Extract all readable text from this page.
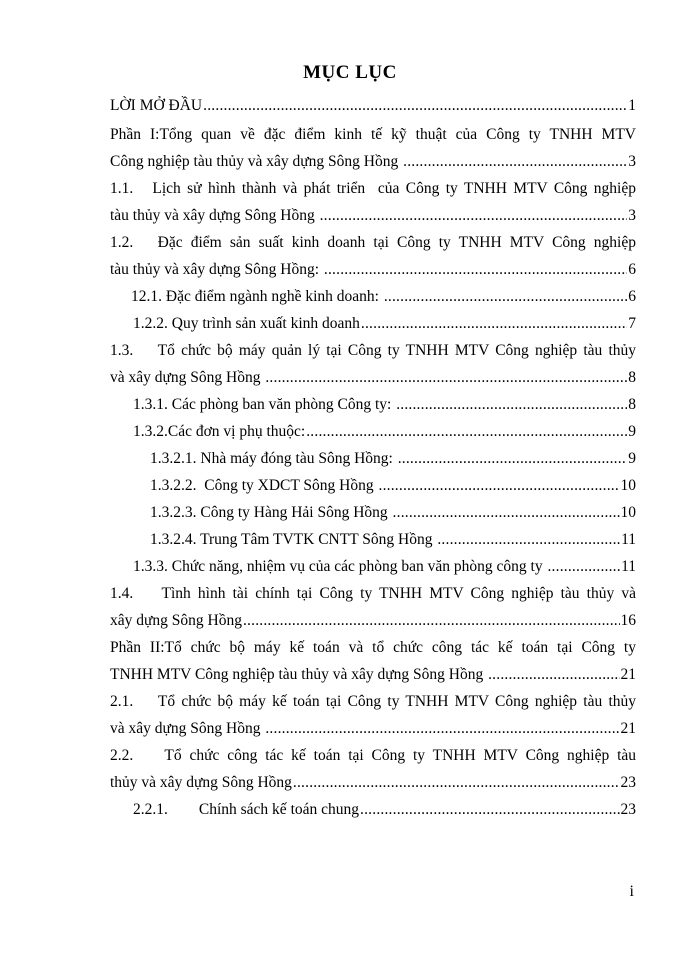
MỤC LỤC
LỜI MỞ ĐẦU .....	1
Phần I:Tổng quan về đặc điểm kinh tế kỹ thuật của Công ty TNHH MTV
Công nghiệp tàu thủy và xây dựng Sông Hồng .....	3
1.1.   Lịch sử hình thành và phát triển  của Công ty TNHH MTV Công nghiệp
tàu thủy và xây dựng Sông Hồng .....	3
1.2.   Đặc điểm sản suất kinh doanh tại Công ty TNHH MTV Công nghiệp
tàu thủy và xây dựng Sông Hồng: .....	6
12.1. Đặc điểm ngành nghề kinh doanh: .....	6
1.2.2. Quy trình sản xuất kinh doanh .....	7
1.3.    Tổ chức bộ máy quản lý tại Công ty TNHH MTV Công nghiệp tàu thủy
và xây dựng Sông Hồng .....	8
1.3.1. Các phòng ban văn phòng Công ty: .....	8
1.3.2.Các đơn vị phụ thuộc: .....	9
1.3.2.1. Nhà máy đóng tàu Sông Hồng: .....	9
1.3.2.2.  Công ty XDCT Sông Hồng .....	10
1.3.2.3. Công ty Hàng Hải Sông Hồng .....	10
1.3.2.4. Trung Tâm TVTK CNTT Sông Hồng .....	11
1.3.3. Chức năng, nhiệm vụ của các phòng ban văn phòng công ty .....	11
1.4.    Tình hình tài chính tại Công ty TNHH MTV Công nghiệp tàu thủy và
xây dựng Sông Hồng .....	16
Phần II:Tổ chức bộ máy kế toán và tổ chức công tác kế toán tại Công ty
TNHH MTV Công nghiệp tàu thủy và xây dựng Sông Hồng .....	21
2.1.    Tổ chức bộ máy kế toán tại Công ty TNHH MTV Công nghiệp tàu thủy
và xây dựng Sông Hồng .....	21
2.2.    Tổ chức công tác kế toán tại Công ty TNHH MTV Công nghiệp tàu
thủy và xây dựng Sông Hồng .....	23
2.2.1.        Chính sách kế toán chung .....	23
i
